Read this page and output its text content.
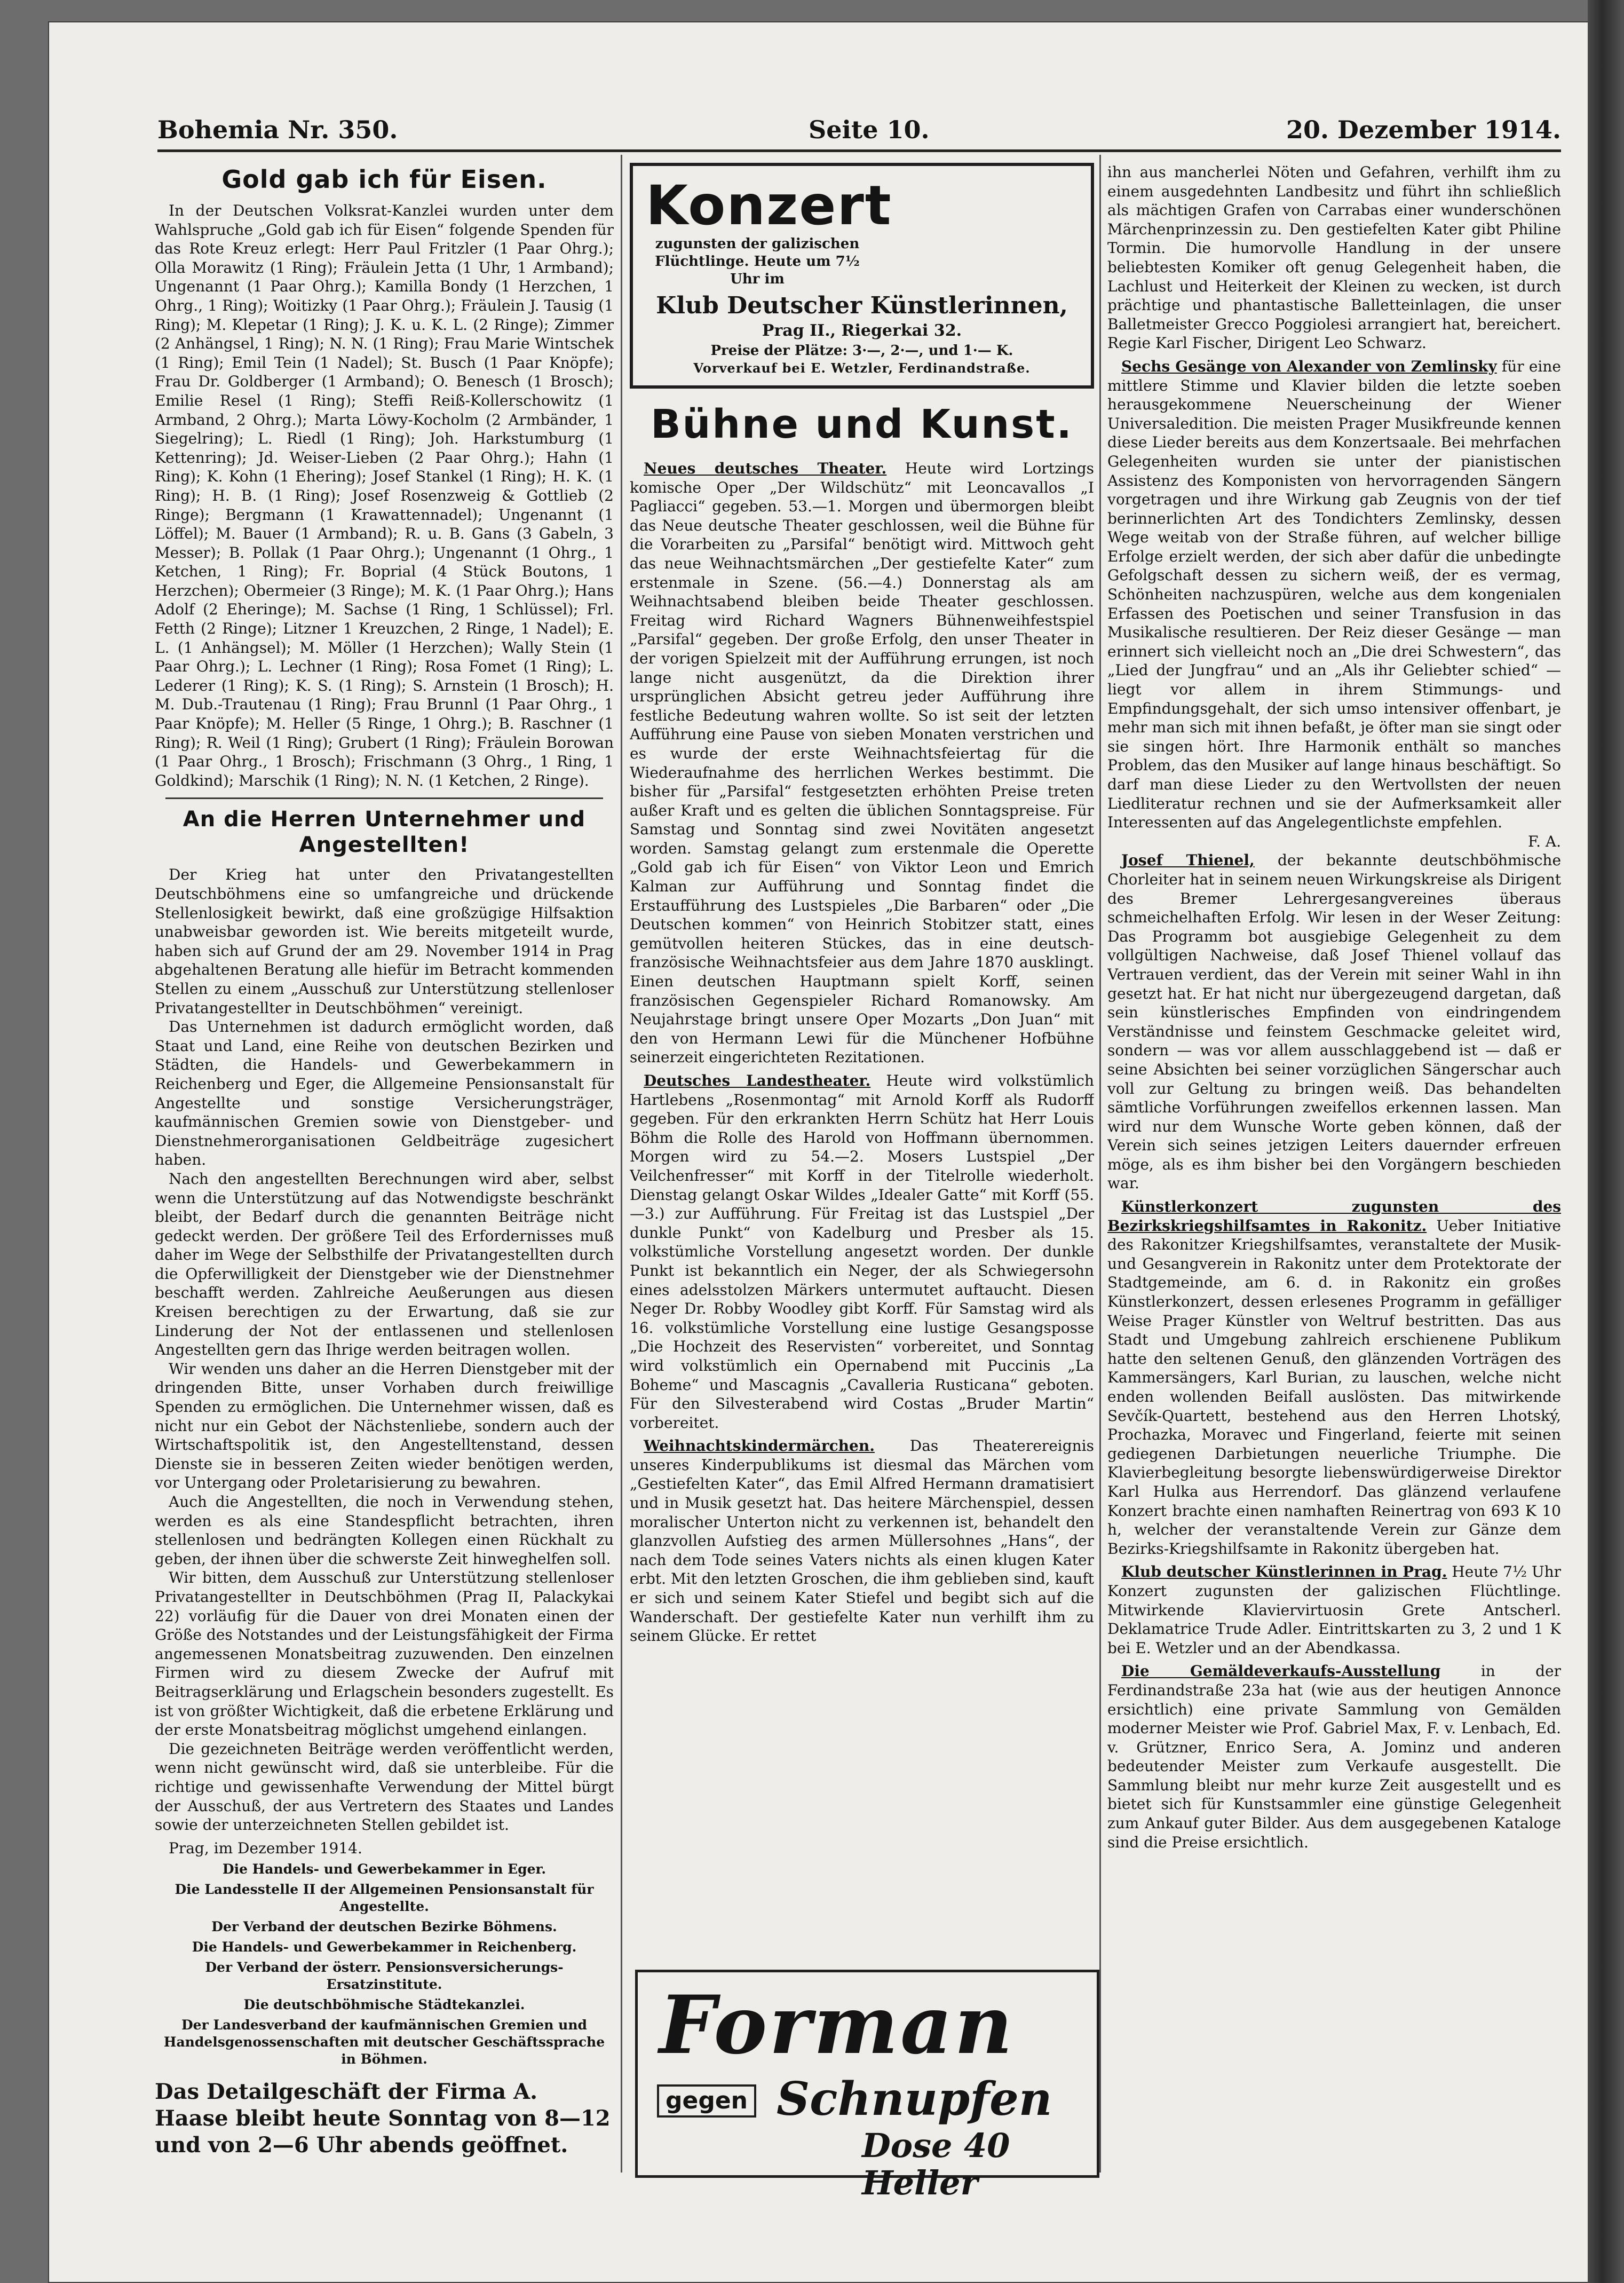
Bohemia Nr. 350.	Seite 10.	20. Dezember 1914.
Gold gab ich für Eisen.

In der Deutschen Volksrat-Kanzlei wurden unter dem Wahlspruche „Gold gab ich für Eisen“ folgende Spenden für das Rote Kreuz erlegt: Herr Paul Fritzler (1 Paar Ohrg.); Olla Morawitz (1 Ring); Fräulein Jetta (1 Uhr, 1 Armband); Ungenannt (1 Paar Ohrg.); Kamilla Bondy (1 Herzchen, 1 Ohrg., 1 Ring); Woitizky (1 Paar Ohrg.); Fräulein J. Tausig (1 Ring); M. Klepetar (1 Ring); J. K. u. K. L. (2 Ringe); Zimmer (2 Anhängsel, 1 Ring); N. N. (1 Ring); Frau Marie Wintschek (1 Ring); Emil Tein (1 Nadel); St. Busch (1 Paar Knöpfe); Frau Dr. Goldberger (1 Armband); O. Benesch (1 Brosch); Emilie Resel (1 Ring); Steffi Reiß-Kollerschowitz (1 Armband, 2 Ohrg.); Marta Löwy-Kocholm (2 Armbänder, 1 Siegelring); L. Riedl (1 Ring); Joh. Harkstumburg (1 Kettenring); Jd. Weiser-Lieben (2 Paar Ohrg.); Hahn (1 Ring); K. Kohn (1 Ehering); Josef Stankel (1 Ring); H. K. (1 Ring); H. B. (1 Ring); Josef Rosenzweig & Gottlieb (2 Ringe); Bergmann (1 Krawattennadel); Ungenannt (1 Löffel); M. Bauer (1 Armband); R. u. B. Gans (3 Gabeln, 3 Messer); B. Pollak (1 Paar Ohrg.); Ungenannt (1 Ohrg., 1 Ketchen, 1 Ring); Fr. Boprial (4 Stück Boutons, 1 Herzchen); Obermeier (3 Ringe); M. K. (1 Paar Ohrg.); Hans Adolf (2 Eheringe); M. Sachse (1 Ring, 1 Schlüssel); Frl. Fetth (2 Ringe); Litzner 1 Kreuzchen, 2 Ringe, 1 Nadel); E. L. (1 Anhängsel); M. Möller (1 Herzchen); Wally Stein (1 Paar Ohrg.); L. Lechner (1 Ring); Rosa Fomet (1 Ring); L. Lederer (1 Ring); K. S. (1 Ring); S. Arnstein (1 Brosch); H. M. Dub.-Trautenau (1 Ring); Frau Brunnl (1 Paar Ohrg., 1 Paar Knöpfe); M. Heller (5 Ringe, 1 Ohrg.); B. Raschner (1 Ring); R. Weil (1 Ring); Grubert (1 Ring); Fräulein Borowan (1 Paar Ohrg., 1 Brosch); Frischmann (3 Ohrg., 1 Ring, 1 Goldkind); Marschik (1 Ring); N. N. (1 Ketchen, 2 Ringe).

An die Herren Unternehmer und Angestellten!

Der Krieg hat unter den Privatangestellten Deutschböhmens eine so umfangreiche und drückende Stellenlosigkeit bewirkt, daß eine großzügige Hilfsaktion unabweisbar geworden ist. Wie bereits mitgeteilt wurde, haben sich auf Grund der am 29. November 1914 in Prag abgehaltenen Beratung alle hiefür im Betracht kommenden Stellen zu einem „Ausschuß zur Unterstützung stellenloser Privatangestellter in Deutschböhmen“ vereinigt.

Das Unternehmen ist dadurch ermöglicht worden, daß Staat und Land, eine Reihe von deutschen Bezirken und Städten, die Handels- und Gewerbekammern in Reichenberg und Eger, die Allgemeine Pensionsanstalt für Angestellte und sonstige Versicherungsträger, kaufmännischen Gremien sowie von Dienstgeber- und Dienstnehmerorganisationen Geldbeiträge zugesichert haben.

Nach den angestellten Berechnungen wird aber, selbst wenn die Unterstützung auf das Notwendigste beschränkt bleibt, der Bedarf durch die genannten Beiträge nicht gedeckt werden. Der größere Teil des Erfordernisses muß daher im Wege der Selbsthilfe der Privatangestellten durch die Opferwilligkeit der Dienstgeber wie der Dienstnehmer beschafft werden. Zahlreiche Aeußerungen aus diesen Kreisen berechtigen zu der Erwartung, daß sie zur Linderung der Not der entlassenen und stellenlosen Angestellten gern das Ihrige werden beitragen wollen.

Wir wenden uns daher an die Herren Dienstgeber mit der dringenden Bitte, unser Vorhaben durch freiwillige Spenden zu ermöglichen. Die Unternehmer wissen, daß es nicht nur ein Gebot der Nächstenliebe, sondern auch der Wirtschaftspolitik ist, den Angestelltenstand, dessen Dienste sie in besseren Zeiten wieder benötigen werden, vor Untergang oder Proletarisierung zu bewahren.

Auch die Angestellten, die noch in Verwendung stehen, werden es als eine Standespflicht betrachten, ihren stellenlosen und bedrängten Kollegen einen Rückhalt zu geben, der ihnen über die schwerste Zeit hinweghelfen soll.

Wir bitten, dem Ausschuß zur Unterstützung stellenloser Privatangestellter in Deutschböhmen (Prag II, Palackykai 22) vorläufig für die Dauer von drei Monaten einen der Größe des Notstandes und der Leistungsfähigkeit der Firma angemessenen Monatsbeitrag zuzuwenden. Den einzelnen Firmen wird zu diesem Zwecke der Aufruf mit Beitragserklärung und Erlagschein besonders zugestellt. Es ist von größter Wichtigkeit, daß die erbetene Erklärung und der erste Monatsbeitrag möglichst umgehend einlangen.

Die gezeichneten Beiträge werden veröffentlicht werden, wenn nicht gewünscht wird, daß sie unterbleibe. Für die richtige und gewissenhafte Verwendung der Mittel bürgt der Ausschuß, der aus Vertretern des Staates und Landes sowie der unterzeichneten Stellen gebildet ist.

Prag, im Dezember 1914.

Die Handels- und Gewerbekammer in Eger.
Die Landesstelle II der Allgemeinen Pensionsanstalt für Angestellte.
Der Verband der deutschen Bezirke Böhmens.
Die Handels- und Gewerbekammer in Reichenberg.
Der Verband der österr. Pensionsversicherungs-Ersatzinstitute.
Die deutschböhmische Städtekanzlei.
Der Landesverband der kaufmännischen Gremien und Handelsgenossenschaften mit deutscher Geschäftssprache in Böhmen.
Das Detailgeschäft der Firma A. Haase bleibt heute Sonntag von 8—12 und von 2—6 Uhr abends geöffnet.
Konzert zugunsten der galizischen Flüchtlinge. Heute um 7½ Uhr im
Klub Deutscher Künstlerinnen,
Prag II., Riegerkai 32.
Preise der Plätze: 3·—, 2·—, und 1·— K.
Vorverkauf bei E. Wetzler, Ferdinandstraße.
Bühne und Kunst.

Neues deutsches Theater. Heute wird Lortzings komische Oper „Der Wildschütz“ mit Leoncavallos „I Pagliacci“ gegeben. 53.—1. Morgen und übermorgen bleibt das Neue deutsche Theater geschlossen, weil die Bühne für die Vorarbeiten zu „Parsifal“ benötigt wird. Mittwoch geht das neue Weihnachtsmärchen „Der gestiefelte Kater“ zum erstenmale in Szene. (56.—4.) Donnerstag als am Weihnachtsabend bleiben beide Theater geschlossen. Freitag wird Richard Wagners Bühnenweihfestspiel „Parsifal“ gegeben. Der große Erfolg, den unser Theater in der vorigen Spielzeit mit der Aufführung errungen, ist noch lange nicht ausgenützt, da die Direktion ihrer ursprünglichen Absicht getreu jeder Aufführung ihre festliche Bedeutung wahren wollte. So ist seit der letzten Aufführung eine Pause von sieben Monaten verstrichen und es wurde der erste Weihnachtsfeiertag für die Wiederaufnahme des herrlichen Werkes bestimmt. Die bisher für „Parsifal“ festgesetzten erhöhten Preise treten außer Kraft und es gelten die üblichen Sonntagspreise. Für Samstag und Sonntag sind zwei Novitäten angesetzt worden. Samstag gelangt zum erstenmale die Operette „Gold gab ich für Eisen“ von Viktor Leon und Emrich Kalman zur Aufführung und Sonntag findet die Erstaufführung des Lustspieles „Die Barbaren“ oder „Die Deutschen kommen“ von Heinrich Stobitzer statt, eines gemütvollen heiteren Stückes, das in eine deutsch-französische Weihnachtsfeier aus dem Jahre 1870 ausklingt. Einen deutschen Hauptmann spielt Korff, seinen französischen Gegenspieler Richard Romanowsky. Am Neujahrstage bringt unsere Oper Mozarts „Don Juan“ mit den von Hermann Lewi für die Münchener Hofbühne seinerzeit eingerichteten Rezitationen.

Deutsches Landestheater. Heute wird volkstümlich Hartlebens „Rosenmontag“ mit Arnold Korff als Rudorff gegeben. Für den erkrankten Herrn Schütz hat Herr Louis Böhm die Rolle des Harold von Hoffmann übernommen. Morgen wird zu 54.—2. Mosers Lustspiel „Der Veilchenfresser“ mit Korff in der Titelrolle wiederholt. Dienstag gelangt Oskar Wildes „Idealer Gatte“ mit Korff (55.—3.) zur Aufführung. Für Freitag ist das Lustspiel „Der dunkle Punkt“ von Kadelburg und Presber als 15. volkstümliche Vorstellung angesetzt worden. Der dunkle Punkt ist bekanntlich ein Neger, der als Schwiegersohn eines adelsstolzen Märkers untermutet auftaucht. Diesen Neger Dr. Robby Woodley gibt Korff. Für Samstag wird als 16. volkstümliche Vorstellung eine lustige Gesangsposse „Die Hochzeit des Reservisten“ vorbereitet, und Sonntag wird volkstümlich ein Opernabend mit Puccinis „La Boheme“ und Mascagnis „Cavalleria Rusticana“ geboten. Für den Silvesterabend wird Costas „Bruder Martin“ vorbereitet.

Weihnachtskindermärchen. Das Theaterereignis unseres Kinderpublikums ist diesmal das Märchen vom „Gestiefelten Kater“, das Emil Alfred Hermann dramatisiert und in Musik gesetzt hat. Das heitere Märchenspiel, dessen moralischer Unterton nicht zu verkennen ist, behandelt den glanzvollen Aufstieg des armen Müllersohnes „Hans“, der nach dem Tode seines Vaters nichts als einen klugen Kater erbt. Mit den letzten Groschen, die ihm geblieben sind, kauft er sich und seinem Kater Stiefel und begibt sich auf die Wanderschaft. Der gestiefelte Kater nun verhilft ihm zu seinem Glücke. Er rettet

Forman
gegen Schnupfen
Dose 40 Heller

ihn aus mancherlei Nöten und Gefahren, verhilft ihm zu einem ausgedehnten Landbesitz und führt ihn schließlich als mächtigen Grafen von Carrabas einer wunderschönen Märchenprinzessin zu. Den gestiefelten Kater gibt Philine Tormin. Die humorvolle Handlung in der unsere beliebtesten Komiker oft genug Gelegenheit haben, die Lachlust und Heiterkeit der Kleinen zu wecken, ist durch prächtige und phantastische Balletteinlagen, die unser Balletmeister Grecco Poggiolesi arrangiert hat, bereichert. Regie Karl Fischer, Dirigent Leo Schwarz.

Sechs Gesänge von Alexander von Zemlinsky für eine mittlere Stimme und Klavier bilden die letzte soeben herausgekommene Neuerscheinung der Wiener Universaledition. Die meisten Prager Musikfreunde kennen diese Lieder bereits aus dem Konzertsaale. Bei mehrfachen Gelegenheiten wurden sie unter der pianistischen Assistenz des Komponisten von hervorragenden Sängern vorgetragen und ihre Wirkung gab Zeugnis von der tief berinnerlichten Art des Tondichters Zemlinsky, dessen Wege weitab von der Straße führen, auf welcher billige Erfolge erzielt werden, der sich aber dafür die unbedingte Gefolgschaft dessen zu sichern weiß, der es vermag, Schönheiten nachzuspüren, welche aus dem kongenialen Erfassen des Poetischen und seiner Transfusion in das Musikalische resultieren. Der Reiz dieser Gesänge — man erinnert sich vielleicht noch an „Die drei Schwestern“, das „Lied der Jungfrau“ und an „Als ihr Geliebter schied“ — liegt vor allem in ihrem Stimmungs- und Empfindungsgehalt, der sich umso intensiver offenbart, je mehr man sich mit ihnen befaßt, je öfter man sie singt oder sie singen hört. Ihre Harmonik enthält so manches Problem, das den Musiker auf lange hinaus beschäftigt. So darf man diese Lieder zu den Wertvollsten der neuen Liedliteratur rechnen und sie der Aufmerksamkeit aller Interessenten auf das Angelegentlichste empfehlen.

F. A.

Josef Thienel, der bekannte deutschböhmische Chorleiter hat in seinem neuen Wirkungskreise als Dirigent des Bremer Lehrergesangvereines überaus schmeichelhaften Erfolg. Wir lesen in der Weser Zeitung: Das Programm bot ausgiebige Gelegenheit zu dem vollgültigen Nachweise, daß Josef Thienel vollauf das Vertrauen verdient, das der Verein mit seiner Wahl in ihn gesetzt hat. Er hat nicht nur übergezeugend dargetan, daß sein künstlerisches Empfinden von eindringendem Verständnisse und feinstem Geschmacke geleitet wird, sondern — was vor allem ausschlaggebend ist — daß er seine Absichten bei seiner vorzüglichen Sängerschar auch voll zur Geltung zu bringen weiß. Das behandelten sämtliche Vorführungen zweifellos erkennen lassen. Man wird nur dem Wunsche Worte geben können, daß der Verein sich seines jetzigen Leiters dauernder erfreuen möge, als es ihm bisher bei den Vorgängern beschieden war.

Künstlerkonzert zugunsten des Bezirkskriegshilfsamtes in Rakonitz. Ueber Initiative des Rakonitzer Kriegshilfsamtes, veranstaltete der Musik- und Gesangverein in Rakonitz unter dem Protektorate der Stadtgemeinde, am 6. d. in Rakonitz ein großes Künstlerkonzert, dessen erlesenes Programm in gefälliger Weise Prager Künstler von Weltruf bestritten. Das aus Stadt und Umgebung zahlreich erschienene Publikum hatte den seltenen Genuß, den glänzenden Vorträgen des Kammersängers, Karl Burian, zu lauschen, welche nicht enden wollenden Beifall auslösten. Das mitwirkende Sevčík-Quartett, bestehend aus den Herren Lhotský, Prochazka, Moravec und Fingerland, feierte mit seinen gediegenen Darbietungen neuerliche Triumphe. Die Klavierbegleitung besorgte liebenswürdigerweise Direktor Karl Hulka aus Herrendorf. Das glänzend verlaufene Konzert brachte einen namhaften Reinertrag von 693 K 10 h, welcher der veranstaltende Verein zur Gänze dem Bezirks-Kriegshilfsamte in Rakonitz übergeben hat.

Klub deutscher Künstlerinnen in Prag. Heute 7½ Uhr Konzert zugunsten der galizischen Flüchtlinge. Mitwirkende Klaviervirtuosin Grete Antscherl. Deklamatrice Trude Adler. Eintrittskarten zu 3, 2 und 1 K bei E. Wetzler und an der Abendkassa.

Die Gemäldeverkaufs-Ausstellung	in der Ferdinandstraße 23a hat (wie aus der heutigen Annonce ersichtlich) eine private Sammlung von Gemälden moderner Meister wie Prof. Gabriel Max, F. v. Lenbach, Ed. v. Grützner, Enrico Sera, A. Jominz und anderen bedeutender Meister zum Verkaufe ausgestellt. Die Sammlung bleibt nur mehr kurze Zeit ausgestellt und es bietet sich für Kunstsammler eine günstige Gelegenheit zum Ankauf guter Bilder. Aus dem ausgegebenen Kataloge sind die Preise ersichtlich.
